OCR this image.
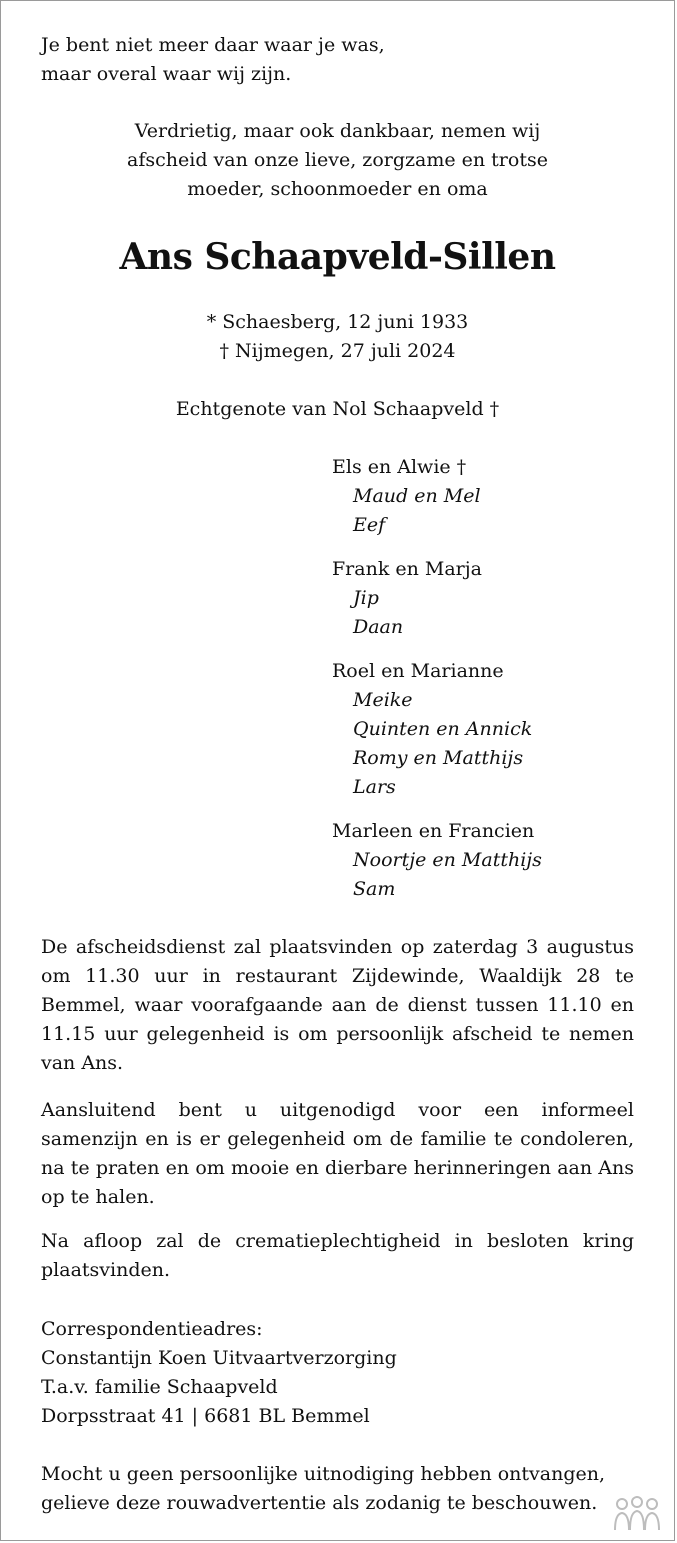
Je bent niet meer daar waar je was,
maar overal waar wij zijn.
Verdrietig, maar ook dankbaar, nemen wij
afscheid van onze lieve, zorgzame en trotse
moeder, schoonmoeder en oma
Ans Schaapveld-Sillen
* Schaesberg, 12 juni 1933
† Nijmegen, 27 juli 2024
Echtgenote van Nol Schaapveld †
Els en Alwie †
Maud en Mel
Eef
Frank en Marja
Jip
Daan
Roel en Marianne
Meike
Quinten en Annick
Romy en Matthijs
Lars
Marleen en Francien
Noortje en Matthijs
Sam
De afscheidsdienst zal plaatsvinden op zaterdag 3 augustus om 11.30 uur in restaurant Zijdewinde, Waaldijk 28 te Bemmel, waar voorafgaande aan de dienst tussen 11.10 en 11.15 uur gelegenheid is om persoonlijk afscheid te nemen van Ans.
Aansluitend bent u uitgenodigd voor een informeel samenzijn en is er gelegenheid om de familie te condoleren, na te praten en om mooie en dierbare herinneringen aan Ans op te halen.
Na afloop zal de crematieplechtigheid in besloten kring plaatsvinden.
Correspondentieadres:
Constantijn Koen Uitvaartverzorging
T.a.v. familie Schaapveld
Dorpsstraat 41 | 6681 BL Bemmel
Mocht u geen persoonlijke uitnodiging hebben ontvangen,
gelieve deze rouwadvertentie als zodanig te beschouwen.
